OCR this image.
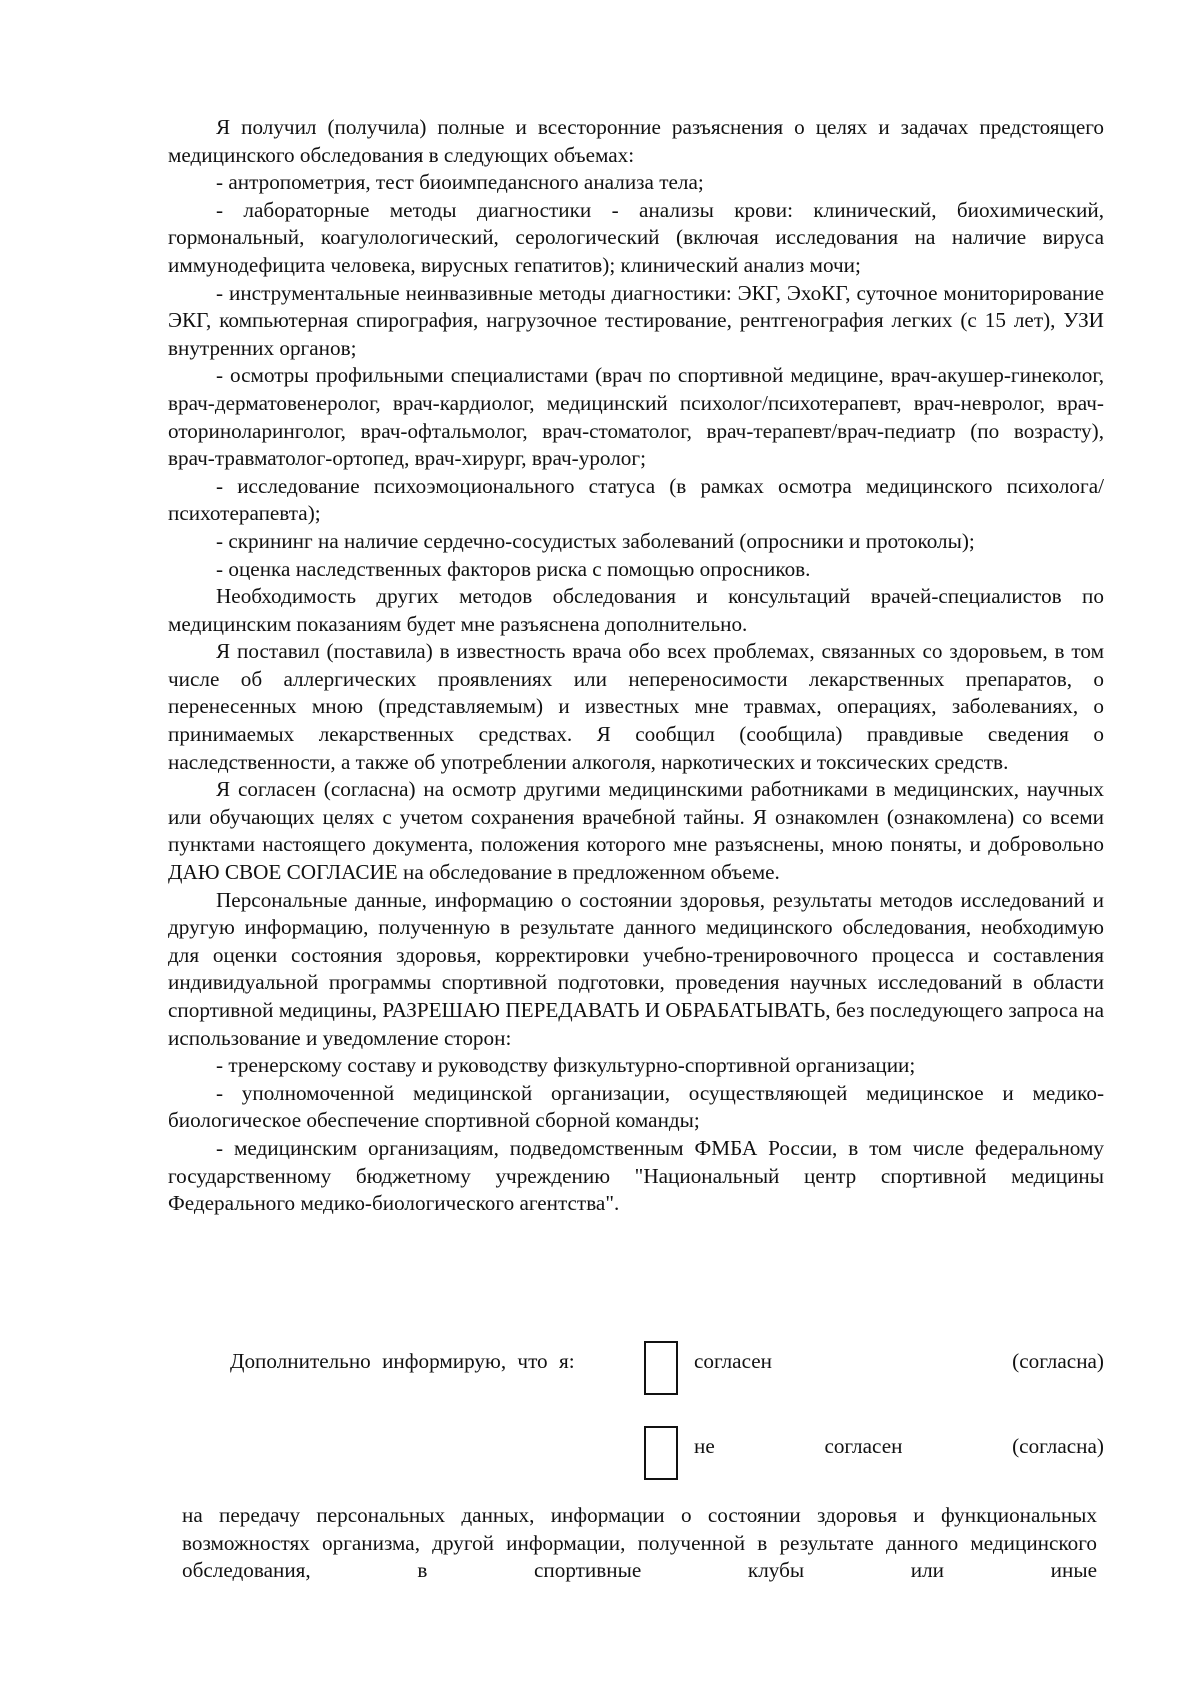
Я получил (получила) полные и всесторонние разъяснения о целях и задачах предстоящего медицинского обследования в следующих объемах:

- антропометрия, тест биоимпедансного анализа тела;

- лабораторные методы диагностики - анализы крови: клинический, биохимический, гормональный, коагулологический, серологический (включая исследования на наличие вируса иммунодефицита человека, вирусных гепатитов); клинический анализ мочи;

- инструментальные неинвазивные методы диагностики: ЭКГ, ЭхоКГ, суточное мониторирование ЭКГ, компьютерная спирография, нагрузочное тестирование, рентгенография легких (с 15 лет), УЗИ внутренних органов;

- осмотры профильными специалистами (врач по спортивной медицине, врач-акушер-гинеколог, врач-дерматовенеролог, врач-кардиолог, медицинский психолог/психотерапевт, врач-невролог, врач-оториноларинголог, врач-офтальмолог, врач-стоматолог, врач-терапевт/врач-педиатр (по возрасту), врач-травматолог-ортопед, врач-хирург, врач-уролог;

- исследование психоэмоционального статуса (в рамках осмотра медицинского психолога/психотерапевта);

- скрининг на наличие сердечно-сосудистых заболеваний (опросники и протоколы);

- оценка наследственных факторов риска с помощью опросников.

Необходимость других методов обследования и консультаций врачей-специалистов по медицинским показаниям будет мне разъяснена дополнительно.

Я поставил (поставила) в известность врача обо всех проблемах, связанных со здоровьем, в том числе об аллергических проявлениях или непереносимости лекарственных препаратов, о перенесенных мною (представляемым) и известных мне травмах, операциях, заболеваниях, о принимаемых лекарственных средствах. Я сообщил (сообщила) правдивые сведения о наследственности, а также об употреблении алкоголя, наркотических и токсических средств.

Я согласен (согласна) на осмотр другими медицинскими работниками в медицинских, научных или обучающих целях с учетом сохранения врачебной тайны. Я ознакомлен (ознакомлена) со всеми пунктами настоящего документа, положения которого мне разъяснены, мною поняты, и добровольно ДАЮ СВОЕ СОГЛАСИЕ на обследование в предложенном объеме.

Персональные данные, информацию о состоянии здоровья, результаты методов исследований и другую информацию, полученную в результате данного медицинского обследования, необходимую для оценки состояния здоровья, корректировки учебно-тренировочного процесса и составления индивидуальной программы спортивной подготовки, проведения научных исследований в области спортивной медицины, РАЗРЕШАЮ ПЕРЕДАВАТЬ И ОБРАБАТЫВАТЬ, без последующего запроса на использование и уведомление сторон:

- тренерскому составу и руководству физкультурно-спортивной организации;

- уполномоченной медицинской организации, осуществляющей медицинское и медико-биологическое обеспечение спортивной сборной команды;

- медицинским организациям, подведомственным ФМБА России, в том числе федеральному государственному бюджетному учреждению "Национальный центр спортивной медицины Федерального медико-биологического агентства".

Дополнительно информирую, что я:	согласен	(согласна)
не	согласен	(согласна)
на передачу персональных данных, информации о состоянии здоровья и функциональных возможностях организма, другой информации, полученной в результате данного медицинского обследования, в спортивные клубы или иные
